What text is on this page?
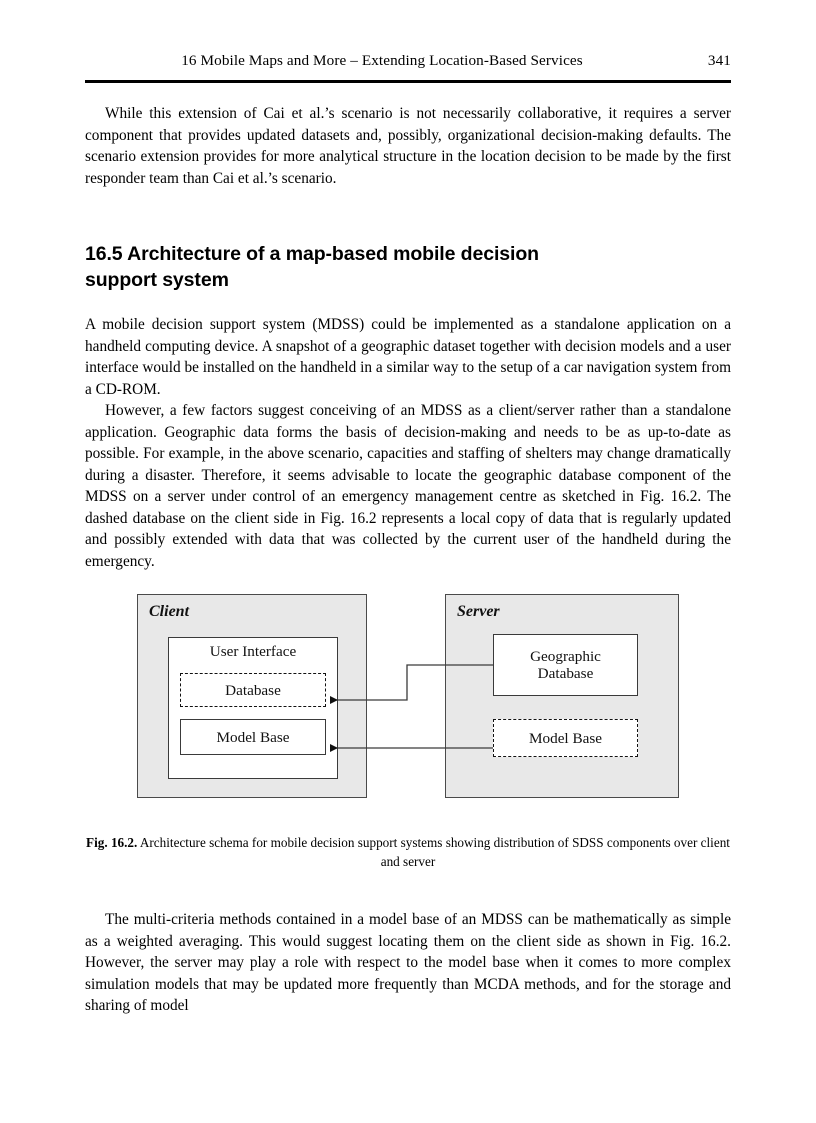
16 Mobile Maps and More – Extending Location-Based Services	341

While this extension of Cai et al.’s scenario is not necessarily collaborative, it requires a server component that provides updated datasets and, possibly, organizational decision-making defaults. The scenario extension provides for more analytical structure in the location decision to be made by the first responder team than Cai et al.’s scenario.

16.5 Architecture of a map-based mobile decision
support system

A mobile decision support system (MDSS) could be implemented as a standalone application on a handheld computing device. A snapshot of a geographic dataset together with decision models and a user interface would be installed on the handheld in a similar way to the setup of a car navigation system from a CD-ROM.

However, a few factors suggest conceiving of an MDSS as a client/server rather than a standalone application. Geographic data forms the basis of decision-making and needs to be as up-to-date as possible. For example, in the above scenario, capacities and staffing of shelters may change dramatically during a disaster. Therefore, it seems advisable to locate the geographic database component of the MDSS on a server under control of an emergency management centre as sketched in Fig. 16.2. The dashed database on the client side in Fig. 16.2 represents a local copy of data that is regularly updated and possibly extended with data that was collected by the current user of the handheld during the emergency.

Client
User Interface
Database
Model Base
Server
Geographic
Database
Model Base
Fig. 16.2. Architecture schema for mobile decision support systems showing distribution of SDSS components over client and server

The multi-criteria methods contained in a model base of an MDSS can be mathematically as simple as a weighted averaging. This would suggest locating them on the client side as shown in Fig. 16.2. However, the server may play a role with respect to the model base when it comes to more complex simulation models that may be updated more frequently than MCDA methods, and for the storage and sharing of model
